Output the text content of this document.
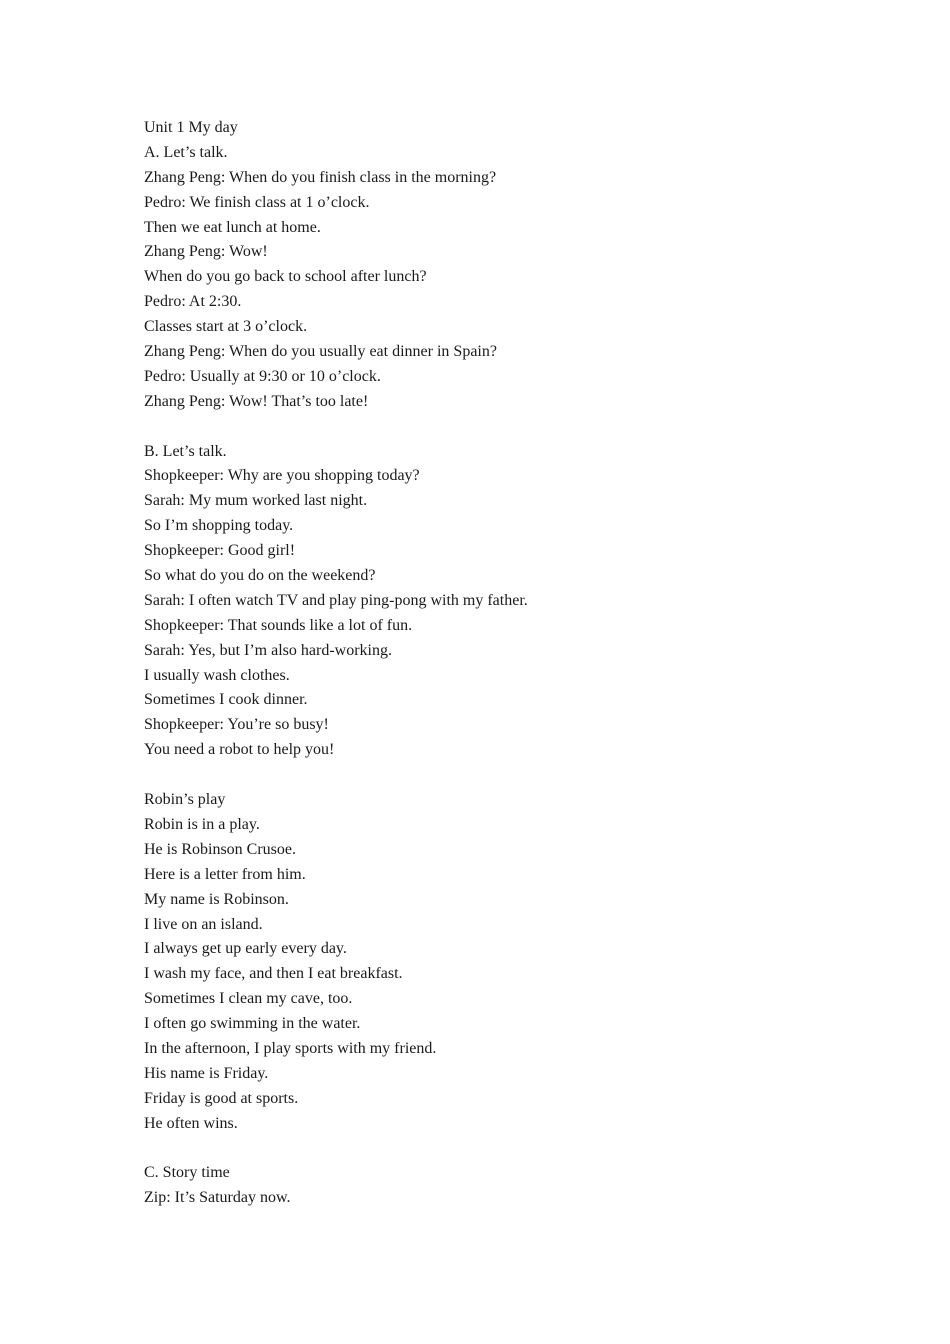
Unit 1 My day
A. Let’s talk.
Zhang Peng: When do you finish class in the morning?
Pedro: We finish class at 1 o’clock.
Then we eat lunch at home.
Zhang Peng: Wow!
When do you go back to school after lunch?
Pedro: At 2:30.
Classes start at 3 o’clock.
Zhang Peng: When do you usually eat dinner in Spain?
Pedro: Usually at 9:30 or 10 o’clock.
Zhang Peng: Wow! That’s too late!
B. Let’s talk.
Shopkeeper: Why are you shopping today?
Sarah: My mum worked last night.
So I’m shopping today.
Shopkeeper: Good girl!
So what do you do on the weekend?
Sarah: I often watch TV and play ping-pong with my father.
Shopkeeper: That sounds like a lot of fun.
Sarah: Yes, but I’m also hard-working.
I usually wash clothes.
Sometimes I cook dinner.
Shopkeeper: You’re so busy!
You need a robot to help you!
Robin’s play
Robin is in a play.
He is Robinson Crusoe.
Here is a letter from him.
My name is Robinson.
I live on an island.
I always get up early every day.
I wash my face, and then I eat breakfast.
Sometimes I clean my cave, too.
I often go swimming in the water.
In the afternoon, I play sports with my friend.
His name is Friday.
Friday is good at sports.
He often wins.
C. Story time
Zip: It’s Saturday now.
